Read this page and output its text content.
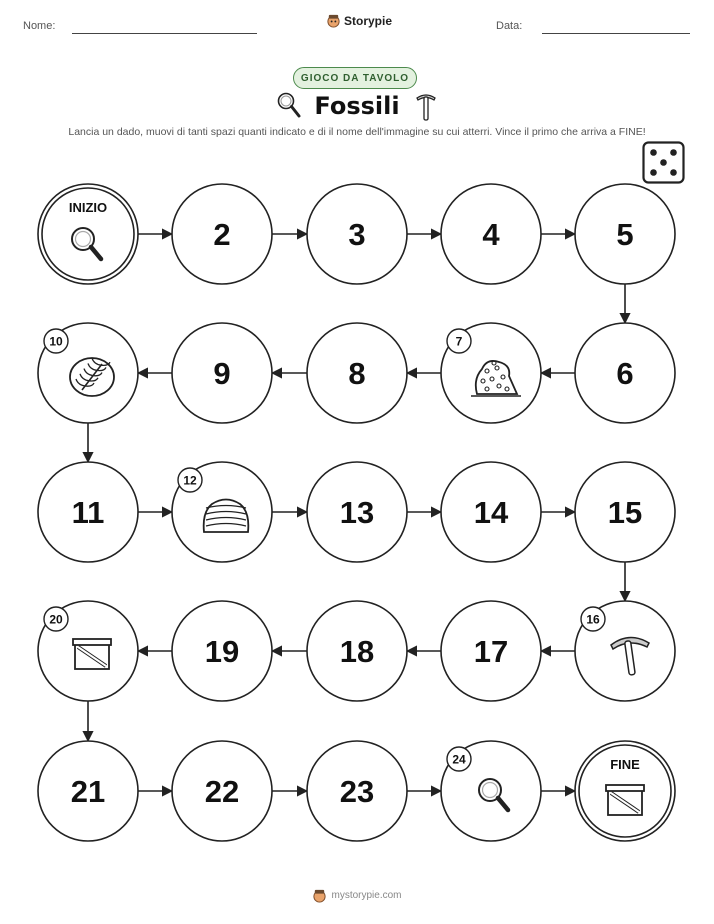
Nome:	Storypie	Data:
GIOCO DA TAVOLO
Fossili
Lancia un dado, muovi di tanti spazi quanti indicato e di il nome dell'immagine su cui atterri. Vince il primo che arriva a FINE!
INIZIO
2	3	4	5
6
7
8
9
10
11
12
13	14	15
16
17
18
19
20
21	22	23
24	FINE
mystorypie.com
